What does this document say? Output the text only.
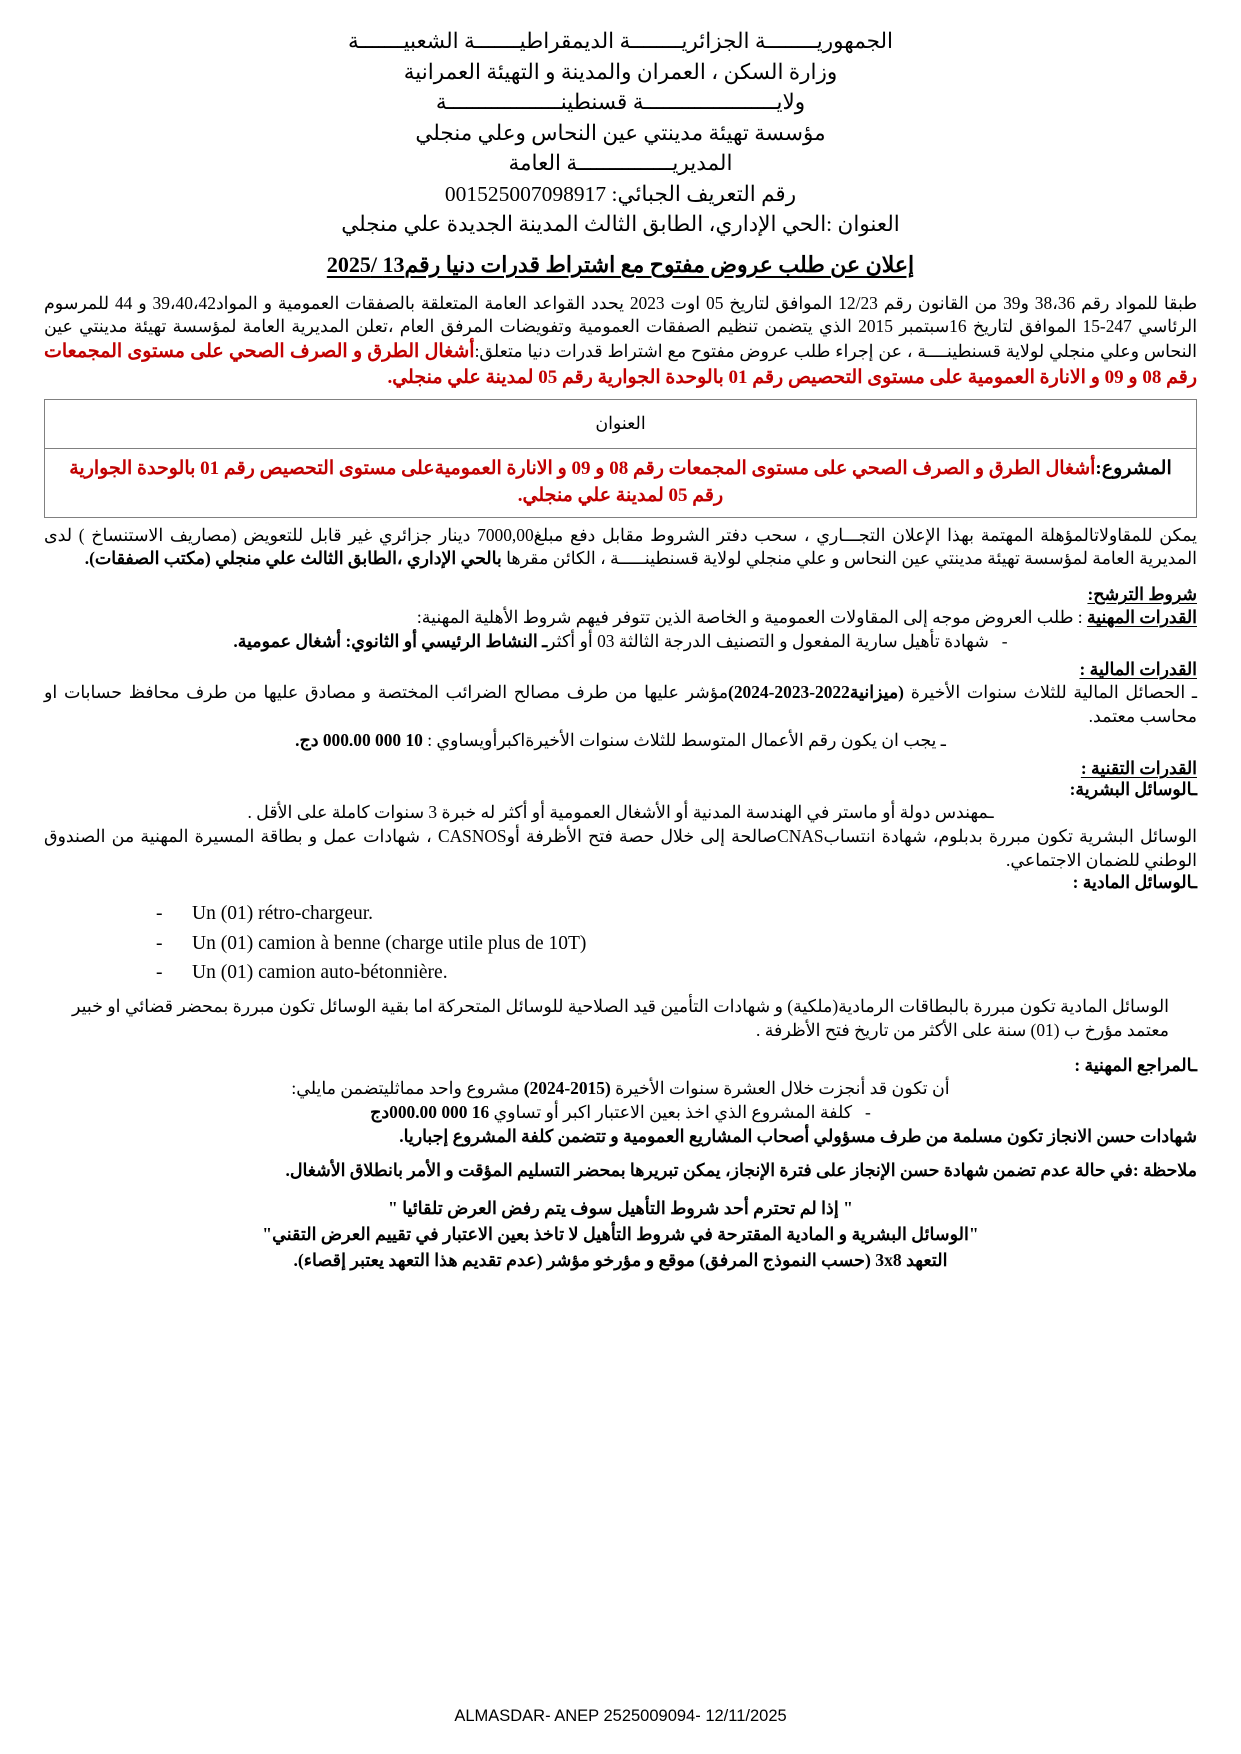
الجمهوريــــــــة الجزائريــــــــة الديمقراطيـــــــة الشعبيـــــــة
وزارة السكن ، العمران والمدينة و التهيئة العمرانية
ولايـــــــــــــــــــــة قسنطينــــــــــــــــــة
مؤسسة تهيئة مدينتي عين النحاس وعلي منجلي
المديريـــــــــــــــة العامة
رقم التعريف الجبائي: 001525007098917
العنوان :الحي الإداري، الطابق الثالث المدينة الجديدة علي منجلي
إعلان عن طلب عروض مفتوح مع اشتراط قدرات دنيا رقم13 /2025

طبقا للمواد رقم 38،36 و39 من القانون رقم 12/23 الموافق لتاريخ 05 اوت 2023 يحدد القواعد العامة المتعلقة بالصفقات العمومية و المواد39،40،42 و 44 للمرسوم الرئاسي 247-15 الموافق لتاريخ 16سبتمبر 2015 الذي يتضمن تنظيم الصفقات العمومية وتفويضات المرفق العام ،تعلن المديرية العامة لمؤسسة تهيئة مدينتي عين النحاس وعلي منجلي لولاية قسنطينــــة ، عن إجراء طلب عروض مفتوح مع اشتراط قدرات دنيا متعلق:أشغال الطرق و الصرف الصحي على مستوى المجمعات رقم 08 و 09 و الانارة العمومية على مستوى التحصيص رقم 01 بالوحدة الجوارية رقم 05 لمدينة علي منجلي.

العنوان
المشروع:أشغال الطرق و الصرف الصحي على مستوى المجمعات رقم 08 و 09 و الانارة العموميةعلى مستوى التحصيص رقم 01 بالوحدة الجوارية رقم 05 لمدينة علي منجلي.

يمكن للمقاولاتالمؤهلة المهتمة بهذا الإعلان التجـــاري ، سحب دفتر الشروط مقابل دفع مبلغ7000,00 دينار جزائري غير قابل للتعويض (مصاريف الاستنساخ ) لدى المديرية العامة لمؤسسة تهيئة مدينتي عين النحاس و علي منجلي لولاية قسنطينـــــة ، الكائن مقرها بالحي الإداري ،الطابق الثالث علي منجلي (مكتب الصفقات).

شروط الترشح:
القدرات المهنية : طلب العروض موجه إلى المقاولات العمومية و الخاصة الذين تتوفر فيهم شروط الأهلية المهنية:
-   شهادة تأهيل سارية المفعول و التصنيف الدرجة الثالثة 03 أو أكثرـ النشاط الرئيسي أو الثانوي: أشغال عمومية.
القدرات المالية :
ـ الحصائل المالية للثلاث سنوات الأخيرة (ميزانية2022-2023-2024)مؤشر عليها من طرف مصالح الضرائب المختصة و مصادق عليها من طرف محافظ حسابات او محاسب معتمد.
ـ يجب ان يكون رقم الأعمال المتوسط للثلاث سنوات الأخيرةاكبرأويساوي : 10 000 000.00 دج.
القدرات التقنية :
ـالوسائل البشرية:
ـمهندس دولة أو ماستر في الهندسة المدنية أو الأشغال العمومية أو أكثر له خبرة 3 سنوات كاملة على الأقل .
الوسائل البشرية تكون مبررة بدبلوم، شهادة انتسابCNASصالحة إلى خلال حصة فتح الأظرفة أوCASNOS ، شهادات عمل و بطاقة المسيرة المهنية من الصندوق الوطني للضمان الاجتماعي.
ـالوسائل المادية :
- Un (01) rétro-chargeur.
- Un (01) camion à benne (charge utile plus de 10T)
- Un (01) camion auto-bétonnière.
الوسائل المادية تكون مبررة بالبطاقات الرمادية(ملكية) و شهادات التأمين قيد الصلاحية للوسائل المتحركة اما بقية الوسائل تكون مبررة بمحضر قضائي او خبير معتمد مؤرخ ب (01) سنة على الأكثر من تاريخ فتح الأظرفة .
ـالمراجع المهنية :
أن تكون قد أنجزت خلال العشرة سنوات الأخيرة (2015-2024) مشروع واحد مماثليتضمن مايلي:
-   كلفة المشروع الذي اخذ بعين الاعتبار اكبر أو تساوي 16 000 000.00دج
شهادات حسن الانجاز تكون مسلمة من طرف مسؤولي أصحاب المشاريع العمومية و تتضمن كلفة المشروع إجباريا.
ملاحظة :في حالة عدم تضمن شهادة حسن الإنجاز على فترة الإنجاز، يمكن تبريرها بمحضر التسليم المؤقت و الأمر بانطلاق الأشغال.
" إذا لم تحترم أحد شروط التأهيل سوف يتم رفض العرض تلقائيا "
"الوسائل البشرية و المادية المقترحة في شروط التأهيل لا تاخذ بعين الاعتبار في تقييم العرض التقني"
التعهد 3x8 (حسب النموذج المرفق) موقع و مؤرخو مؤشر (عدم تقديم هذا التعهد يعتبر إقصاء).
ALMASDAR- ANEP 2525009094- 12/11/2025
